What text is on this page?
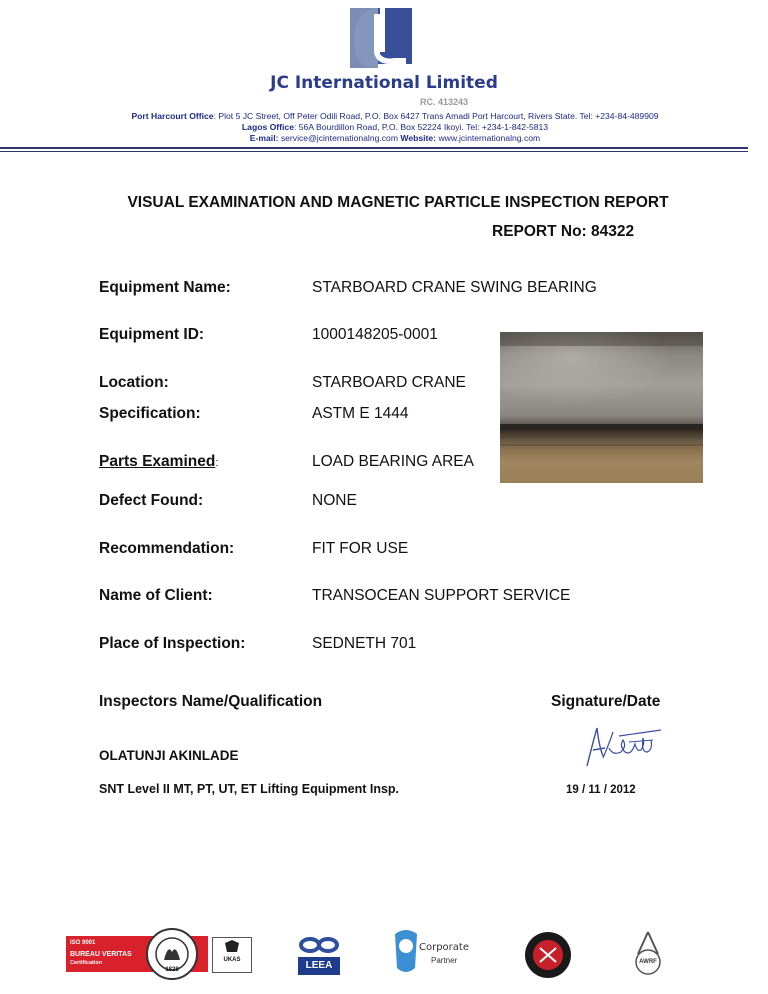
JC International Limited
RC. 413243
Port Harcourt Office: Plot 5 JC Street, Off Peter Odili Road, P.O. Box 6427 Trans Amadi Port Harcourt, Rivers State. Tel: +234-84-489909
Lagos Office: 56A Bourdillon Road, P.O. Box 52224 Ikoyi. Tel: +234-1-842-5813
E-mail: service@jcinternationalng.com Website: www.jcinternationalng.com
VISUAL EXAMINATION AND MAGNETIC PARTICLE INSPECTION REPORT
REPORT No: 84322
Equipment Name:	STARBOARD CRANE SWING BEARING
Equipment ID:	1000148205-0001
Location:	STARBOARD CRANE
Specification:	ASTM E 1444
Parts Examined:	LOAD BEARING AREA
Defect Found:	NONE
Recommendation:	FIT FOR USE
Name of Client:	TRANSOCEAN SUPPORT SERVICE
Place of Inspection:	SEDNETH 701
Inspectors Name/Qualification	Signature/Date
OLATUNJI AKINLADE
SNT Level II MT, PT, UT, ET Lifting Equipment Insp.	19 / 11 / 2012
ISO 9001
BUREAU VERITAS
Certification
1828
UKAS	LEEA
Corporate
Partner	AWRF
